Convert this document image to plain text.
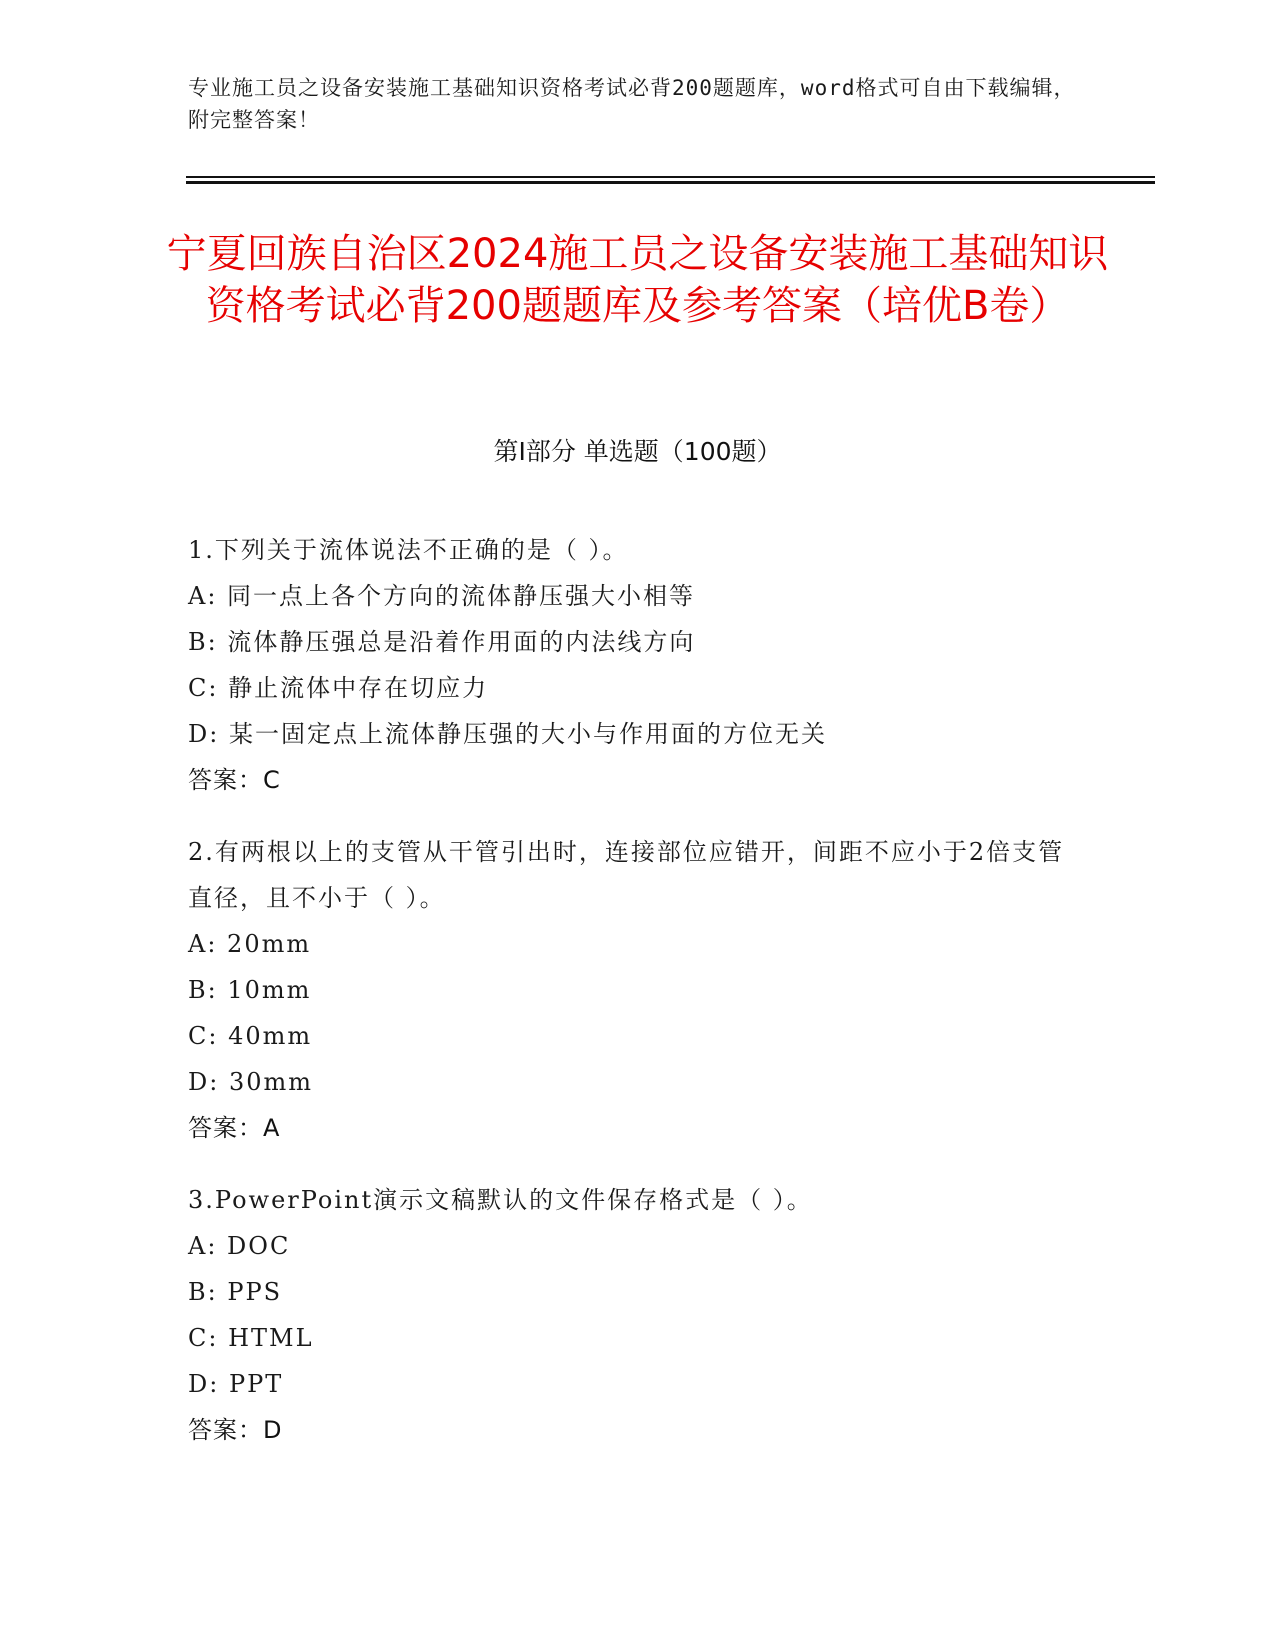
专业施工员之设备安装施工基础知识资格考试必背200题题库，word格式可自由下载编辑，附完整答案！
宁夏回族自治区2024施工员之设备安装施工基础知识资格考试必背200题题库及参考答案（培优B卷）
第Ⅰ部分 单选题（100题）
1.下列关于流体说法不正确的是（ ）。
A: 同一点上各个方向的流体静压强大小相等
B: 流体静压强总是沿着作用面的内法线方向
C: 静止流体中存在切应力
D: 某一固定点上流体静压强的大小与作用面的方位无关
答案：C
2.有两根以上的支管从干管引出时，连接部位应错开，间距不应小于2倍支管直径，且不小于（ ）。
A: 20mm
B: 10mm
C: 40mm
D: 30mm
答案：A
3.PowerPoint演示文稿默认的文件保存格式是（ ）。
A: DOC
B: PPS
C: HTML
D: PPT
答案：D
